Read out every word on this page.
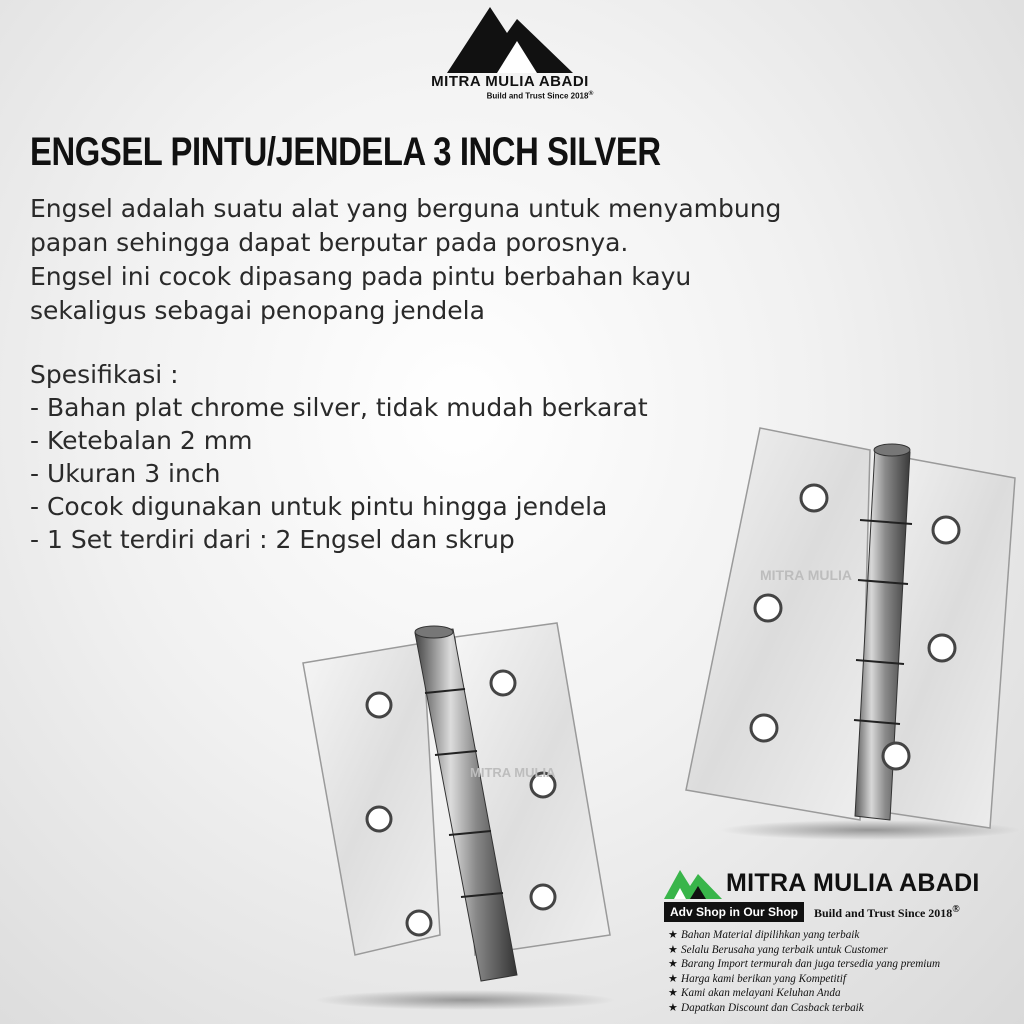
MITRA MULIA ABADI
Build and Trust Since 2018®
ENGSEL PINTU/JENDELA 3 INCH SILVER
Engsel adalah suatu alat yang berguna untuk menyambung
papan sehingga dapat berputar pada porosnya.
Engsel ini cocok dipasang pada pintu berbahan kayu
sekaligus sebagai penopang jendela
Spesifikasi :
- Bahan plat chrome silver, tidak mudah berkarat
- Ketebalan 2 mm
- Ukuran 3 inch
- Cocok digunakan untuk pintu hingga jendela
- 1 Set terdiri dari : 2 Engsel dan skrup
MITRA MULIA
MITRA MULIA
MITRA MULIA ABADI
Adv Shop in Our Shop	Build and Trust Since 2018®
★ Bahan Material dipilihkan yang terbaik
★ Selalu Berusaha yang terbaik untuk Customer
★ Barang Import termurah dan juga tersedia yang premium
★ Harga kami berikan yang Kompetitif
★ Kami akan melayani Keluhan Anda
★ Dapatkan Discount dan Casback terbaik
